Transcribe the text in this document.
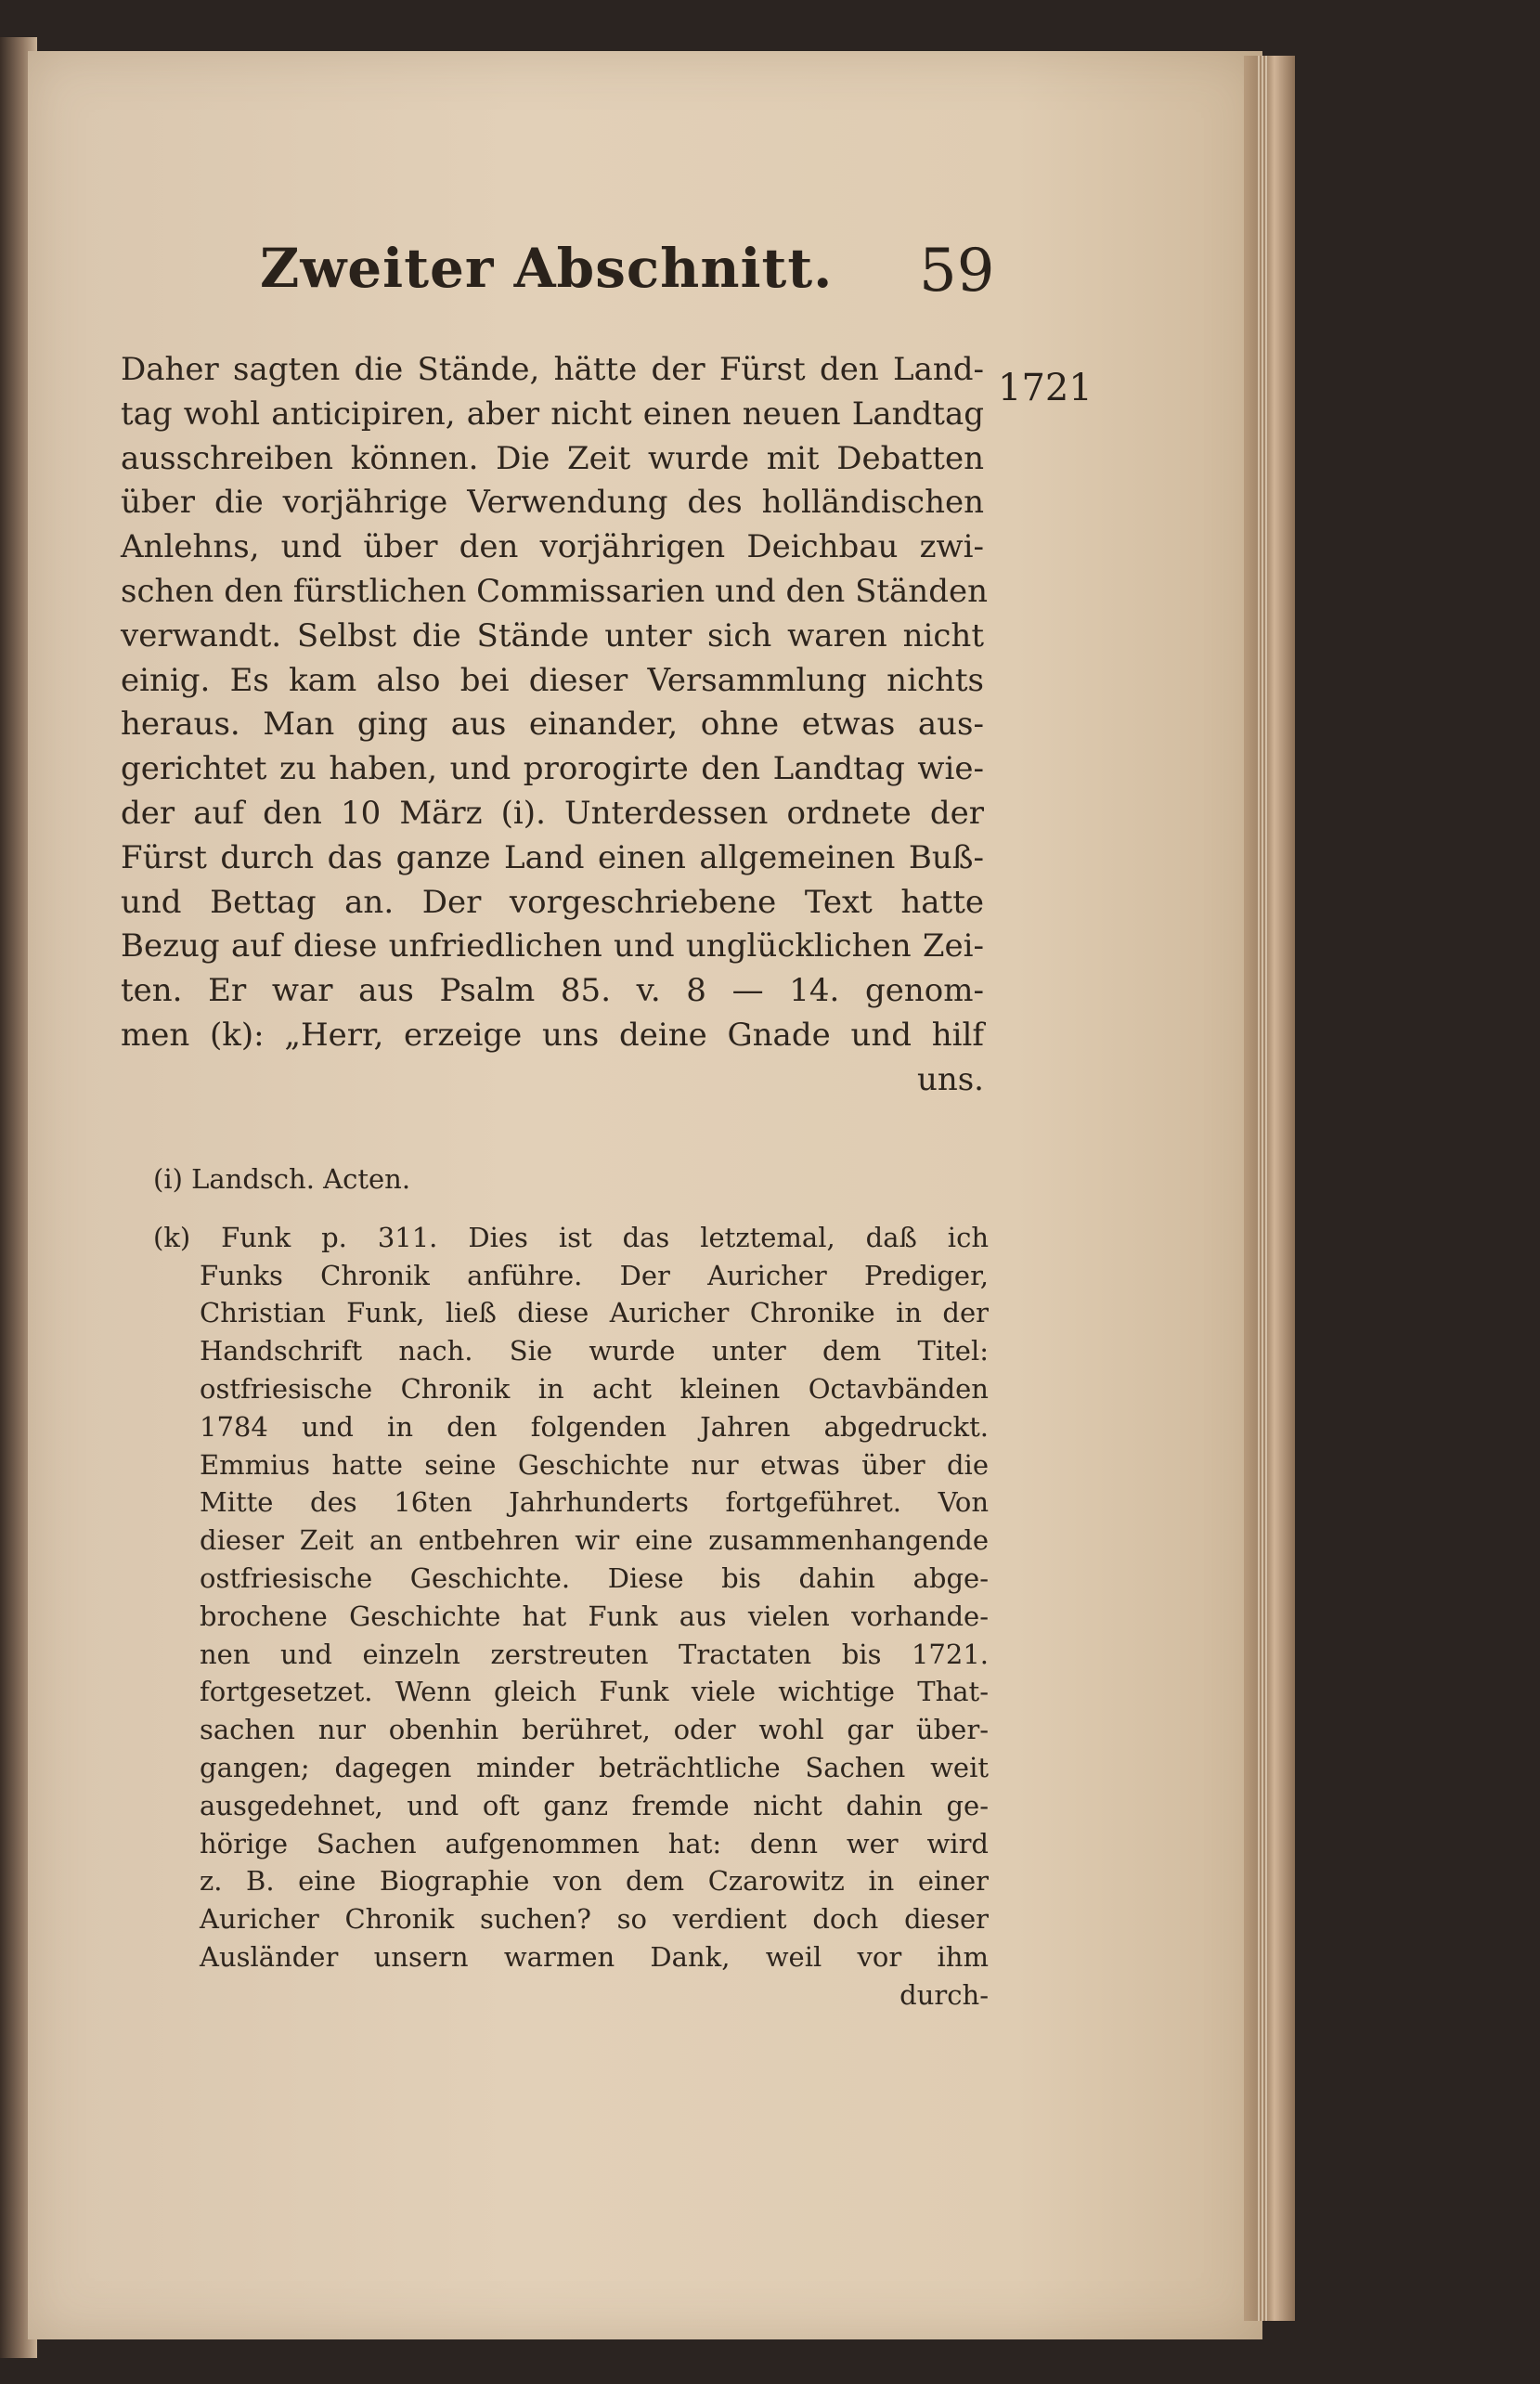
Zweiter Abschnitt. 59
1721
Daher sagten die Stände, hätte der Fürst den Land-
tag wohl anticipiren, aber nicht einen neuen Landtag
ausschreiben können. Die Zeit wurde mit Debatten
über die vorjährige Verwendung des holländischen
Anlehns, und über den vorjährigen Deichbau zwi-
schen den fürstlichen Commissarien und den Ständen
verwandt. Selbst die Stände unter sich waren nicht
einig. Es kam also bei dieser Versammlung nichts
heraus. Man ging aus einander, ohne etwas aus-
gerichtet zu haben, und prorogirte den Landtag wie-
der auf den 10 März (i). Unterdessen ordnete der
Fürst durch das ganze Land einen allgemeinen Buß-
und Bettag an. Der vorgeschriebene Text hatte
Bezug auf diese unfriedlichen und unglücklichen Zei-
ten. Er war aus Psalm 85. v. 8 — 14. genom-
men (k): „Herr, erzeige uns deine Gnade und hilf
uns.
(i) Landsch. Acten.
(k) Funk p. 311. Dies ist das letztemal, daß ich
Funks Chronik anführe. Der Auricher Prediger,
Christian Funk, ließ diese Auricher Chronike in der
Handschrift nach. Sie wurde unter dem Titel:
ostfriesische Chronik in acht kleinen Octavbänden
1784 und in den folgenden Jahren abgedruckt.
Emmius hatte seine Geschichte nur etwas über die
Mitte des 16ten Jahrhunderts fortgeführet. Von
dieser Zeit an entbehren wir eine zusammenhangende
ostfriesische Geschichte. Diese bis dahin abge-
brochene Geschichte hat Funk aus vielen vorhande-
nen und einzeln zerstreuten Tractaten bis 1721.
fortgesetzet. Wenn gleich Funk viele wichtige That-
sachen nur obenhin berühret, oder wohl gar über-
gangen; dagegen minder beträchtliche Sachen weit
ausgedehnet, und oft ganz fremde nicht dahin ge-
hörige Sachen aufgenommen hat: denn wer wird
z. B. eine Biographie von dem Czarowitz in einer
Auricher Chronik suchen? so verdient doch dieser
Ausländer unsern warmen Dank, weil vor ihm
durch-
